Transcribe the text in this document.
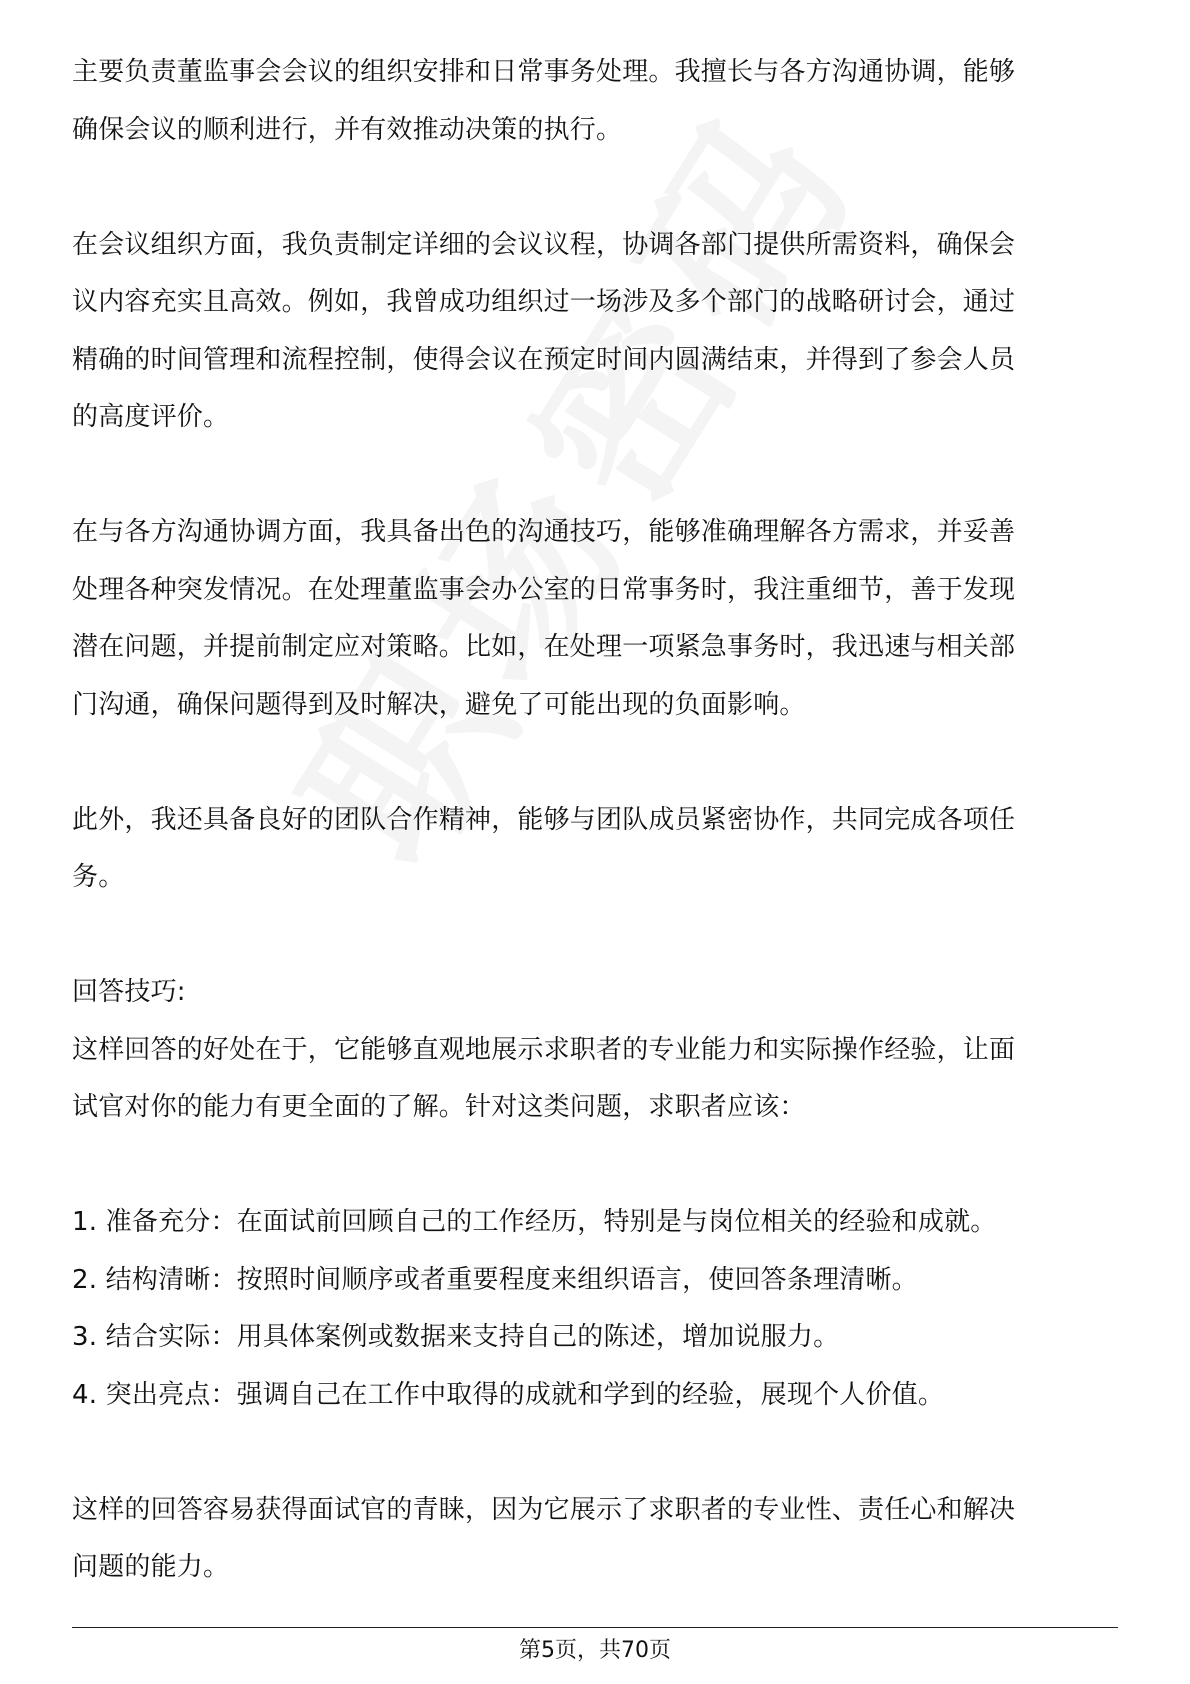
主要负责董监事会会议的组织安排和日常事务处理。我擅长与各方沟通协调，能够
确保会议的顺利进行，并有效推动决策的执行。

在会议组织方面，我负责制定详细的会议议程，协调各部门提供所需资料，确保会
议内容充实且高效。例如，我曾成功组织过一场涉及多个部门的战略研讨会，通过
精确的时间管理和流程控制，使得会议在预定时间内圆满结束，并得到了参会人员
的高度评价。

在与各方沟通协调方面，我具备出色的沟通技巧，能够准确理解各方需求，并妥善
处理各种突发情况。在处理董监事会办公室的日常事务时，我注重细节，善于发现
潜在问题，并提前制定应对策略。比如，在处理一项紧急事务时，我迅速与相关部
门沟通，确保问题得到及时解决，避免了可能出现的负面影响。

此外，我还具备良好的团队合作精神，能够与团队成员紧密协作，共同完成各项任
务。

回答技巧:
这样回答的好处在于，它能够直观地展示求职者的专业能力和实际操作经验，让面
试官对你的能力有更全面的了解。针对这类问题，求职者应该：

1. 准备充分：在面试前回顾自己的工作经历，特别是与岗位相关的经验和成就。
2. 结构清晰：按照时间顺序或者重要程度来组织语言，使回答条理清晰。
3. 结合实际：用具体案例或数据来支持自己的陈述，增加说服力。
4. 突出亮点：强调自己在工作中取得的成就和学到的经验，展现个人价值。

这样的回答容易获得面试官的青睐，因为它展示了求职者的专业性、责任心和解决
问题的能力。

第5页，共70页
